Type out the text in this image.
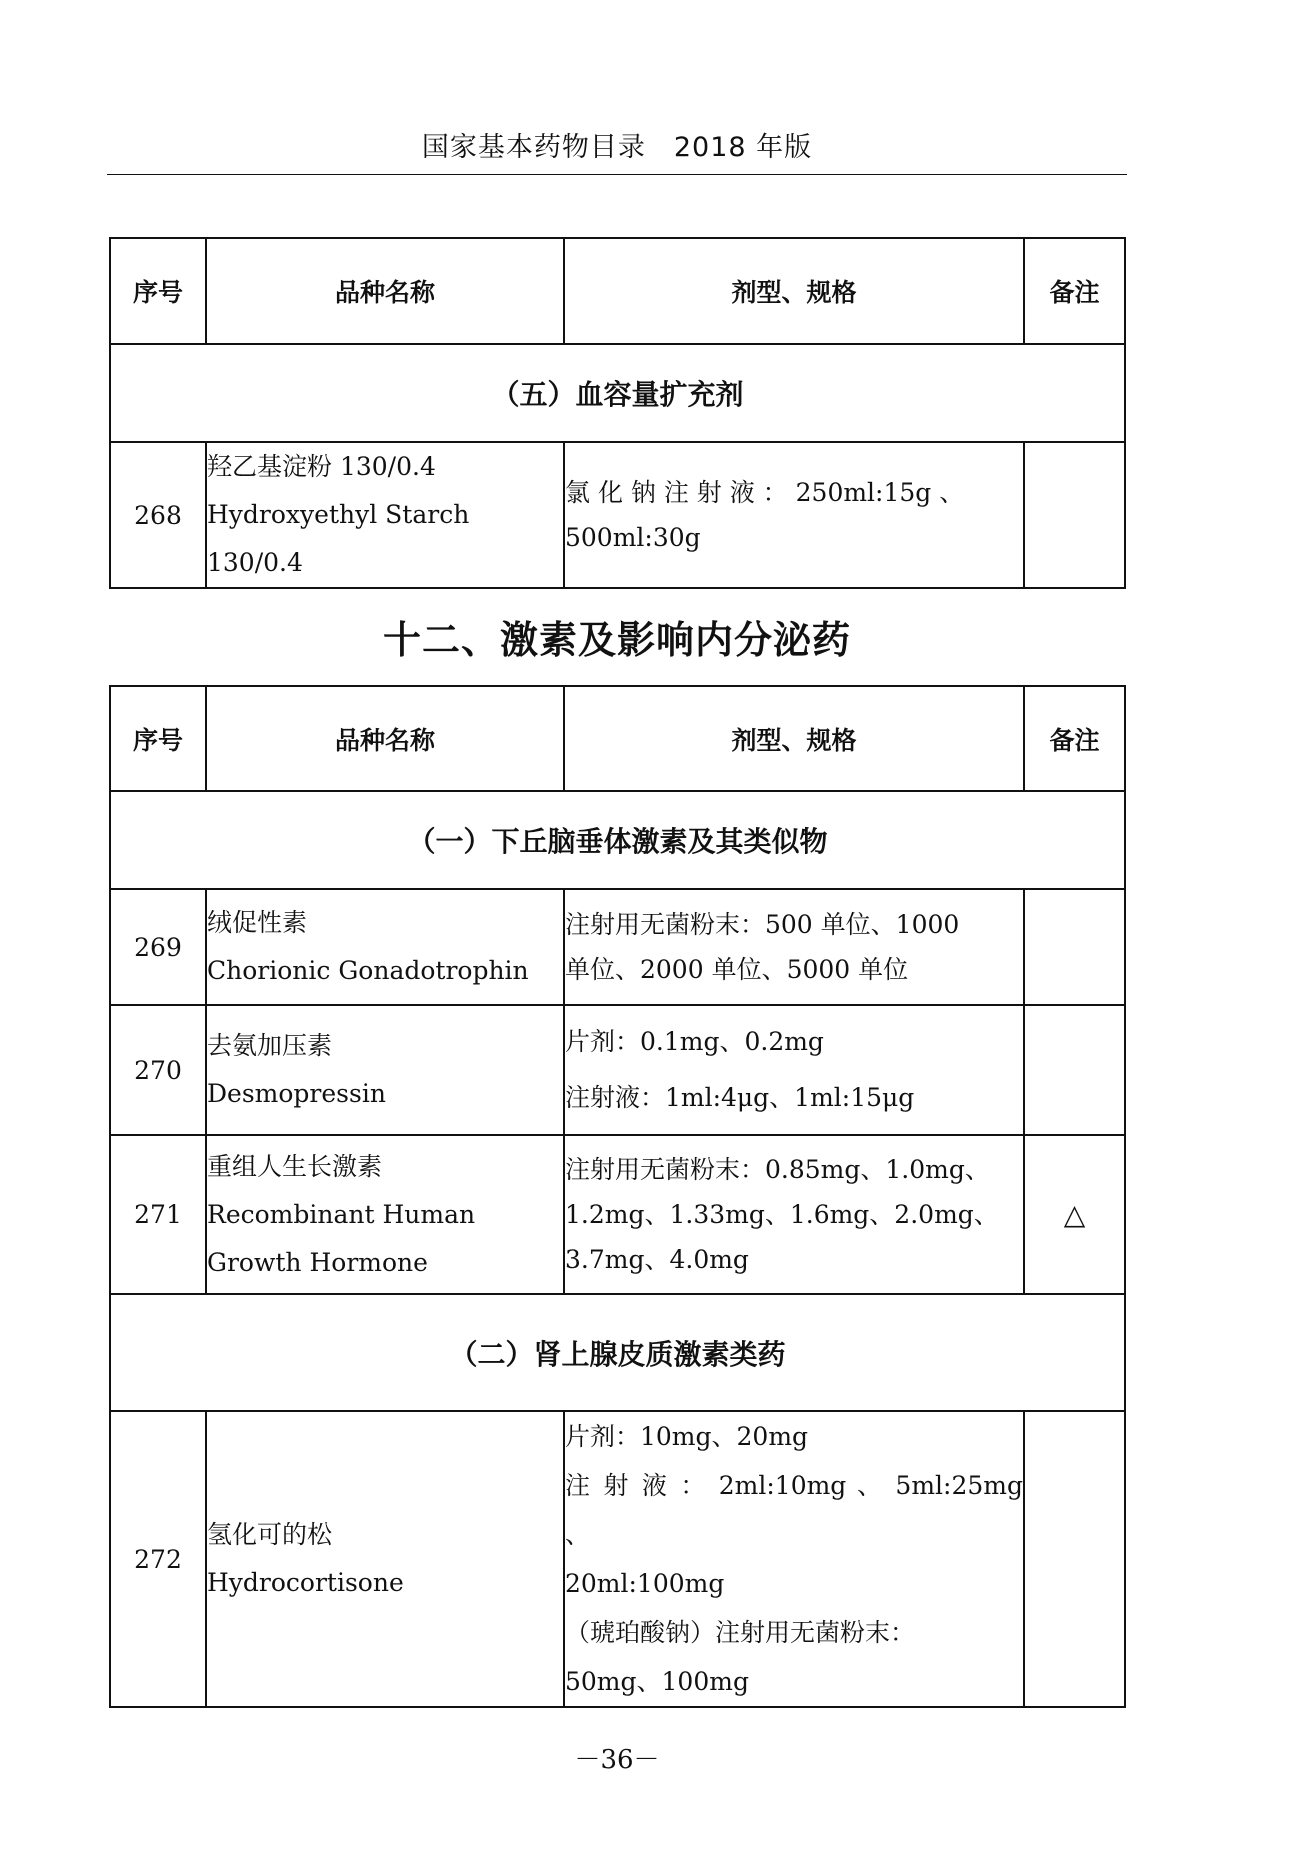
国家基本药物目录　2018 年版
序号	品种名称	剂型、规格	备注
（五）血容量扩充剂			
268	羟乙基淀粉 130/0.4
Hydroxyethyl Starch
130/0.4	氯 化 钠 注 射 液 ： 250ml:15g 、
500ml:30g	

十二、激素及影响内分泌药
序号	品种名称	剂型、规格	备注
（一）下丘脑垂体激素及其类似物			
269	绒促性素
Chorionic Gonadotrophin	注射用无菌粉末：500 单位、1000
单位、2000 单位、5000 单位	

270	去氨加压素
Desmopressin	片剂：0.1mg、0.2mg
注射液：1ml:4μg、1ml:15μg	

271	重组人生长激素
Recombinant Human
Growth Hormone	注射用无菌粉末：0.85mg、1.0mg、
1.2mg、1.33mg、1.6mg、2.0mg、
3.7mg、4.0mg	△
（二）肾上腺皮质激素类药			
272	氢化可的松
Hydrocortisone	片剂：10mg、20mg
注 射 液 ： 2ml:10mg 、 5ml:25mg 、
20ml:100mg
（琥珀酸钠）注射用无菌粉末：
50mg、100mg	

－36－
